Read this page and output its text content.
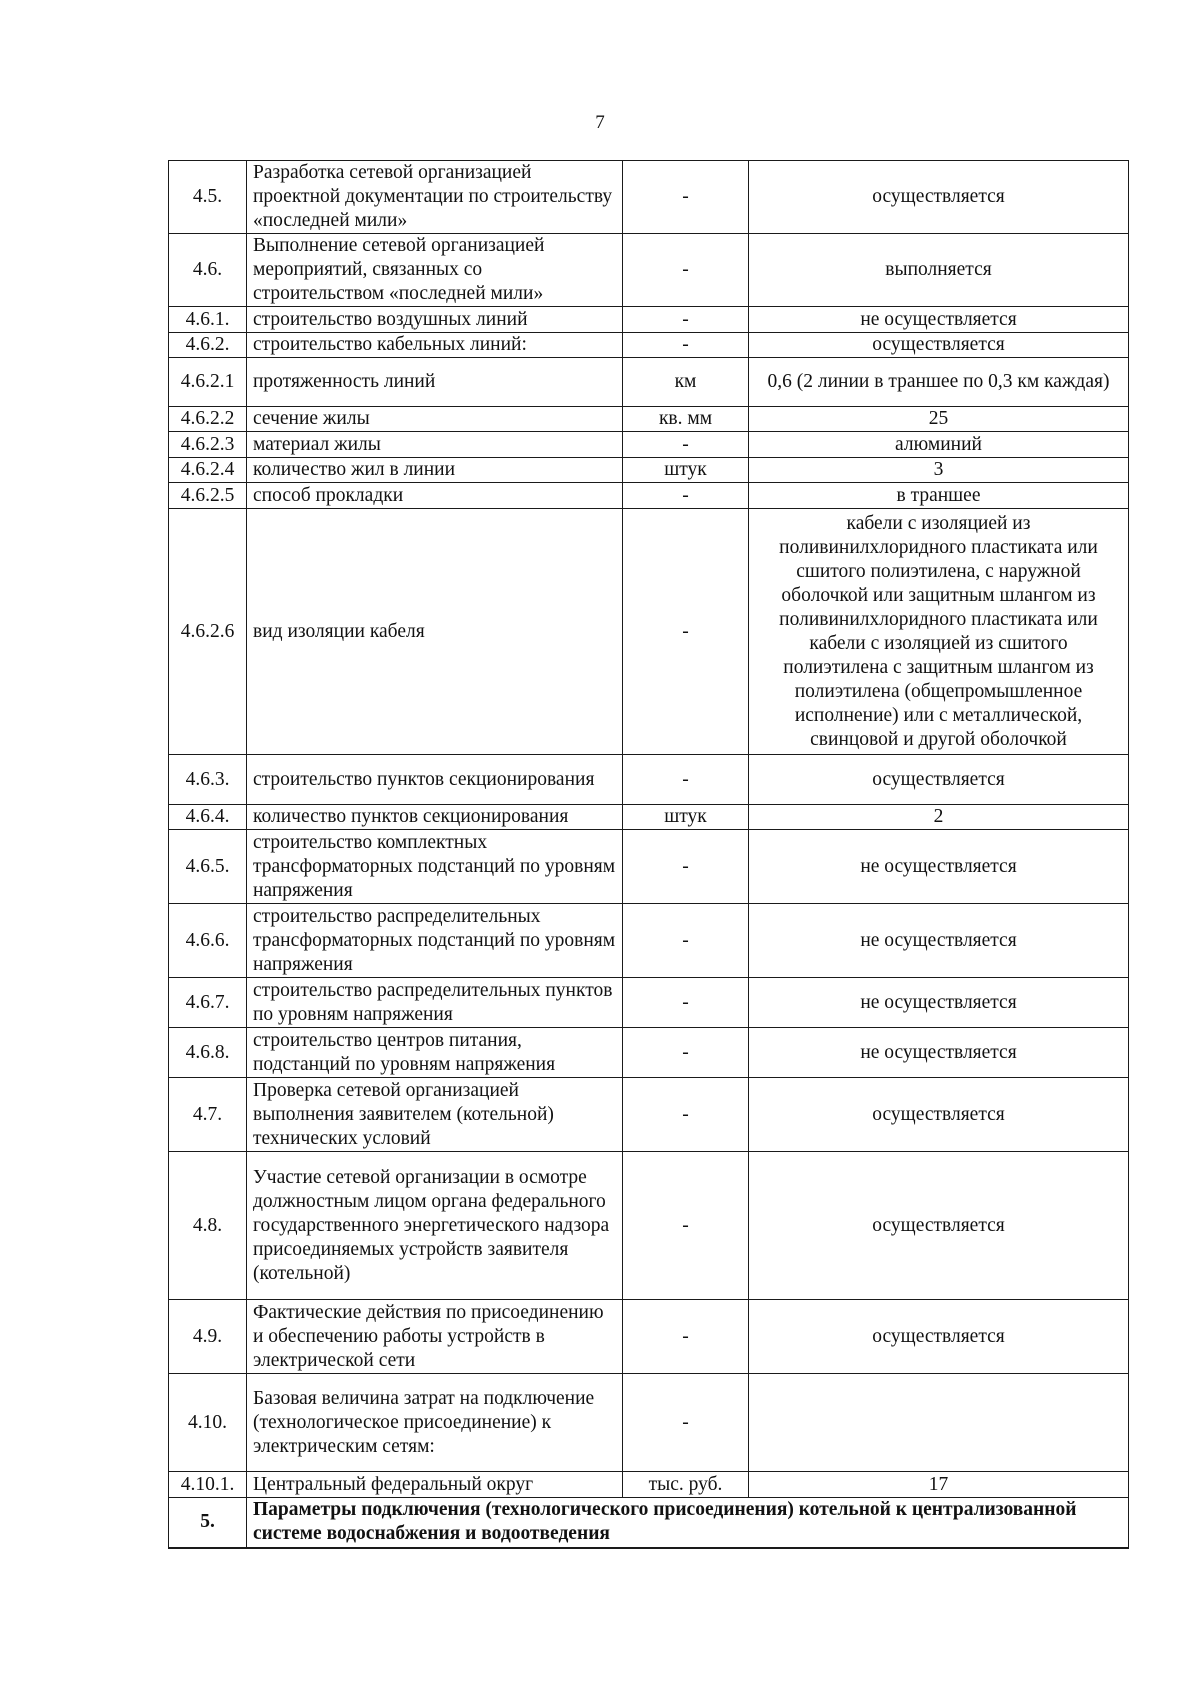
7
4.5.	Разработка сетевой организацией проектной документации по строительству «последней мили»	-	осуществляется
4.6.	Выполнение сетевой организацией мероприятий, связанных со строительством «последней мили»	-	выполняется
4.6.1.	строительство воздушных линий	-	не осуществляется
4.6.2.	строительство кабельных линий:	-	осуществляется
4.6.2.1	протяженность линий	км	0,6 (2 линии в траншее по 0,3 км каждая)
4.6.2.2	сечение жилы	кв. мм	25
4.6.2.3	материал жилы	-	алюминий
4.6.2.4	количество жил в линии	штук	3
4.6.2.5	способ прокладки	-	в траншее
4.6.2.6	вид изоляции кабеля	-	кабели с изоляцией из поливинилхлоридного пластиката или сшитого полиэтилена, с наружной оболочкой или защитным шлангом из поливинилхлоридного пластиката или кабели с изоляцией из сшитого полиэтилена с защитным шлангом из полиэтилена (общепромышленное исполнение) или с металлической, свинцовой и другой оболочкой
4.6.3.	строительство пунктов секционирования	-	осуществляется
4.6.4.	количество пунктов секционирования	штук	2
4.6.5.	строительство комплектных трансформаторных подстанций по уровням напряжения	-	не осуществляется
4.6.6.	строительство распределительных трансформаторных подстанций по уровням напряжения	-	не осуществляется
4.6.7.	строительство распределительных пунктов по уровням напряжения	-	не осуществляется
4.6.8.	строительство центров питания, подстанций по уровням напряжения	-	не осуществляется
4.7.	Проверка сетевой организацией выполнения заявителем (котельной) технических условий	-	осуществляется
4.8.	Участие сетевой организации в осмотре должностным лицом органа федерального государственного энергетического надзора присоединяемых устройств заявителя (котельной)	-	осуществляется
4.9.	Фактические действия по присоединению и обеспечению работы устройств в электрической сети	-	осуществляется
4.10.	Базовая величина затрат на подключение (технологическое присоединение) к электрическим сетям:	-	
4.10.1.	Центральный федеральный округ	тыс. руб.	17
5.	Параметры подключения (технологического присоединения) котельной к централизованной системе водоснабжения и водоотведения		
